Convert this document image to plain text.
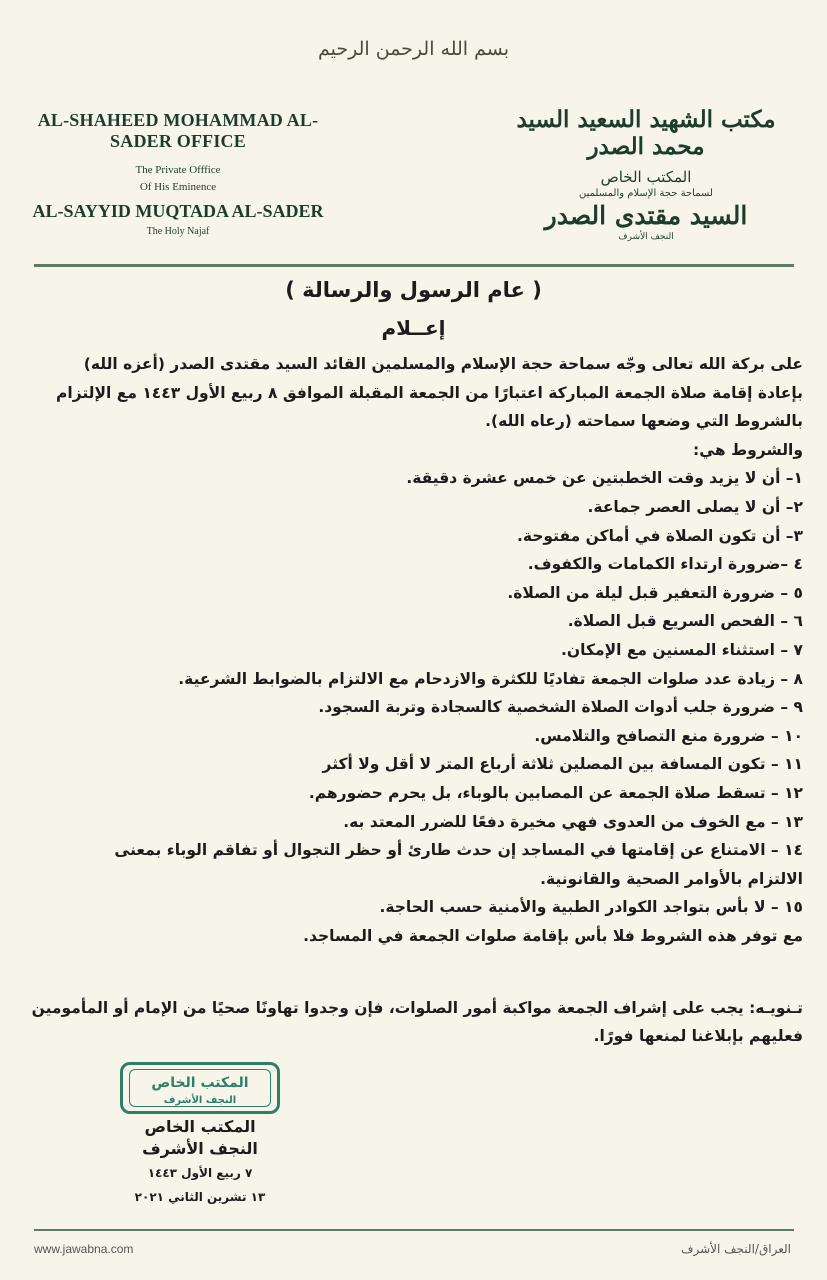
بسم الله الرحمن الرحيم
AL-SHAHEED MOHAMMAD AL-SADER OFFICE
The Private Offfice
Of His Eminence
AL-SAYYID MUQTADA AL-SADER
The Holy Najaf
مكتب الشهيد السعيد السيد محمد الصدر
المكتب الخاص
لسماحة حجة الإسلام والمسلمين
السيد مقتدى الصدر
النجف الأشرف
( عام الرسول والرسالة )
إعــلام

على بركة الله تعالى وجّه سماحة حجة الإسلام والمسلمين القائد السيد مقتدى الصدر (أعزه الله)

بإعادة إقامة صلاة الجمعة المباركة اعتبارًا من الجمعة المقبلة الموافق ٨ ربيع الأول ١٤٤٣ مع الإلتزام

بالشروط التي وضعها سماحته (رعاه الله).

والشروط هي:

١– أن لا يزيد وقت الخطبتين عن خمس عشرة دقيقة.

٢– أن لا يصلى العصر جماعة.

٣– أن تكون الصلاة في أماكن مفتوحة.

٤ –ضرورة ارتداء الكمامات والكفوف.

٥ – ضرورة التعفير قبل ليلة من الصلاة.

٦ – الفحص السريع قبل الصلاة.

٧ – استثناء المسنين مع الإمكان.

٨ – زيادة عدد صلوات الجمعة تفاديًا للكثرة والازدحام مع الالتزام بالضوابط الشرعية.

٩ – ضرورة جلب أدوات الصلاة الشخصية كالسجادة وتربة السجود.

١٠ – ضرورة منع التصافح والتلامس.

١١ – تكون المسافة بين المصلين ثلاثة أرباع المتر لا أقل ولا أكثر

١٢ – تسقط صلاة الجمعة عن المصابين بالوباء، بل يحرم حضورهم.

١٣ – مع الخوف من العدوى فهي مخيرة دفعًا للضرر المعتد به.

١٤ – الامتناع عن إقامتها في المساجد إن حدث طارئ أو حظر التجوال أو تفاقم الوباء بمعنى

الالتزام بالأوامر الصحية والقانونية.

١٥ – لا بأس بتواجد الكوادر الطبية والأمنية حسب الحاجة.

مع توفر هذه الشروط فلا بأس بإقامة صلوات الجمعة في المساجد.

تـنويـه: يجب على إشراف الجمعة مواكبة أمور الصلوات، فإن وجدوا تهاونًا صحيًا من الإمام أو المأمومين

فعليهم بإبلاغنا لمنعها فورًا.

المكتب الخاص
النجف الأشرف
المكتب الخاص
النجف الأشرف
٧ ربيع الأول ١٤٤٣
١٣ تشرين الثاني ٢٠٢١
www.jawabna.com	العراق/النجف الأشرف
